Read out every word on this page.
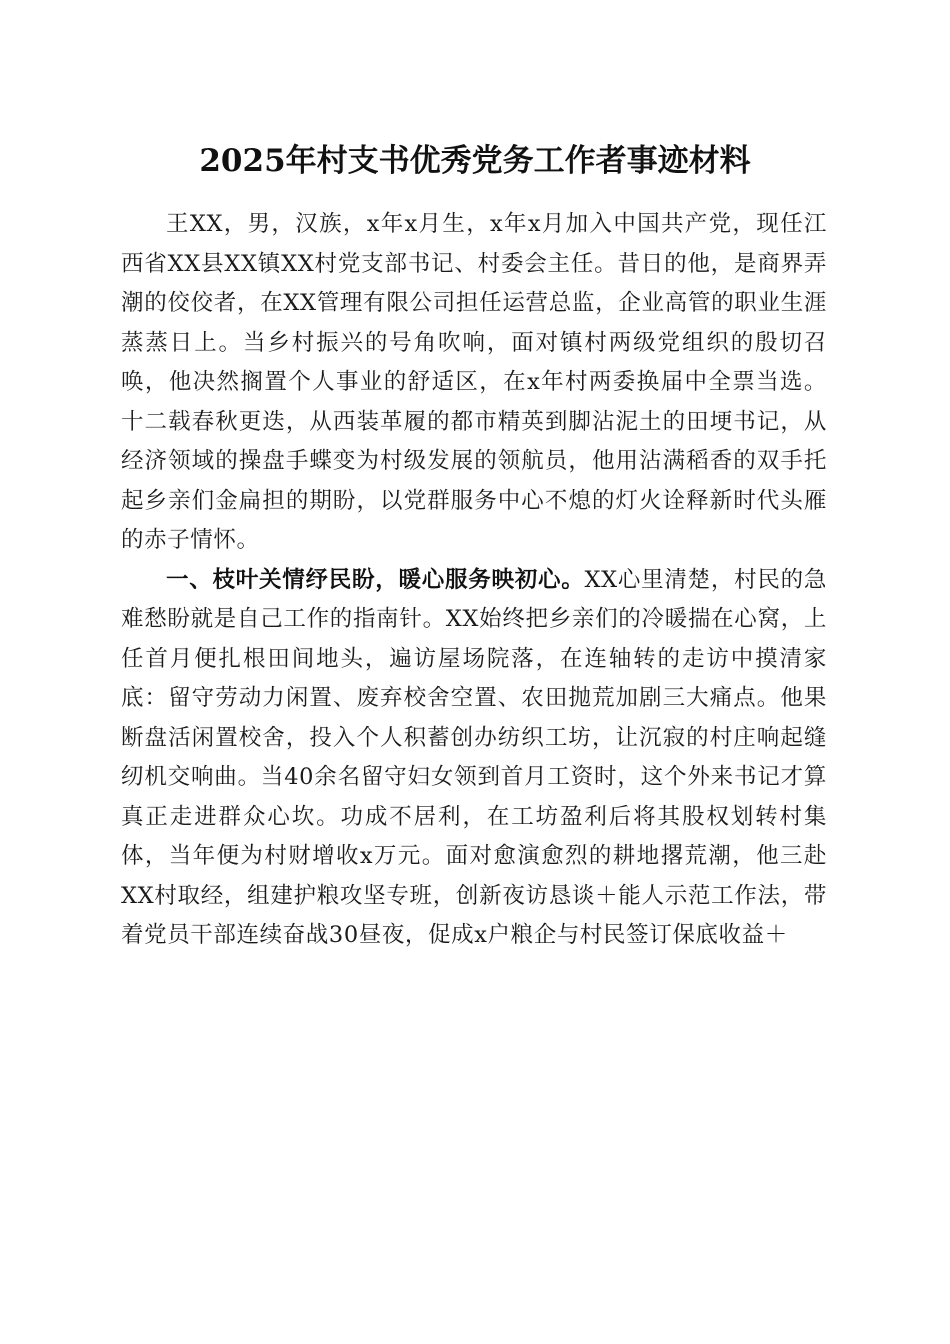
2025年村支书优秀党务工作者事迹材料

王XX，男，汉族，x年x月生，x年x月加入中国共产党，现任江西省XX县XX镇XX村党支部书记、村委会主任。昔日的他，是商界弄潮的佼佼者，在XX管理有限公司担任运营总监，企业高管的职业生涯蒸蒸日上。当乡村振兴的号角吹响，面对镇村两级党组织的殷切召唤，他决然搁置个人事业的舒适区，在x年村两委换届中全票当选。十二载春秋更迭，从西装革履的都市精英到脚沾泥土的田埂书记，从经济领域的操盘手蝶变为村级发展的领航员，他用沾满稻香的双手托起乡亲们金扁担的期盼，以党群服务中心不熄的灯火诠释新时代头雁的赤子情怀。

一、枝叶关情纾民盼，暖心服务映初心。XX心里清楚，村民的急难愁盼就是自己工作的指南针。XX始终把乡亲们的冷暖揣在心窝，上任首月便扎根田间地头，遍访屋场院落，在连轴转的走访中摸清家底：留守劳动力闲置、废弃校舍空置、农田抛荒加剧三大痛点。他果断盘活闲置校舍，投入个人积蓄创办纺织工坊，让沉寂的村庄响起缝纫机交响曲。当40余名留守妇女领到首月工资时，这个外来书记才算真正走进群众心坎。功成不居利，在工坊盈利后将其股权划转村集体，当年便为村财增收x万元。面对愈演愈烈的耕地撂荒潮，他三赴XX村取经，组建护粮攻坚专班，创新夜访恳谈＋能人示范工作法，带着党员干部连续奋战30昼夜，促成x户粮企与村民签订保底收益＋
